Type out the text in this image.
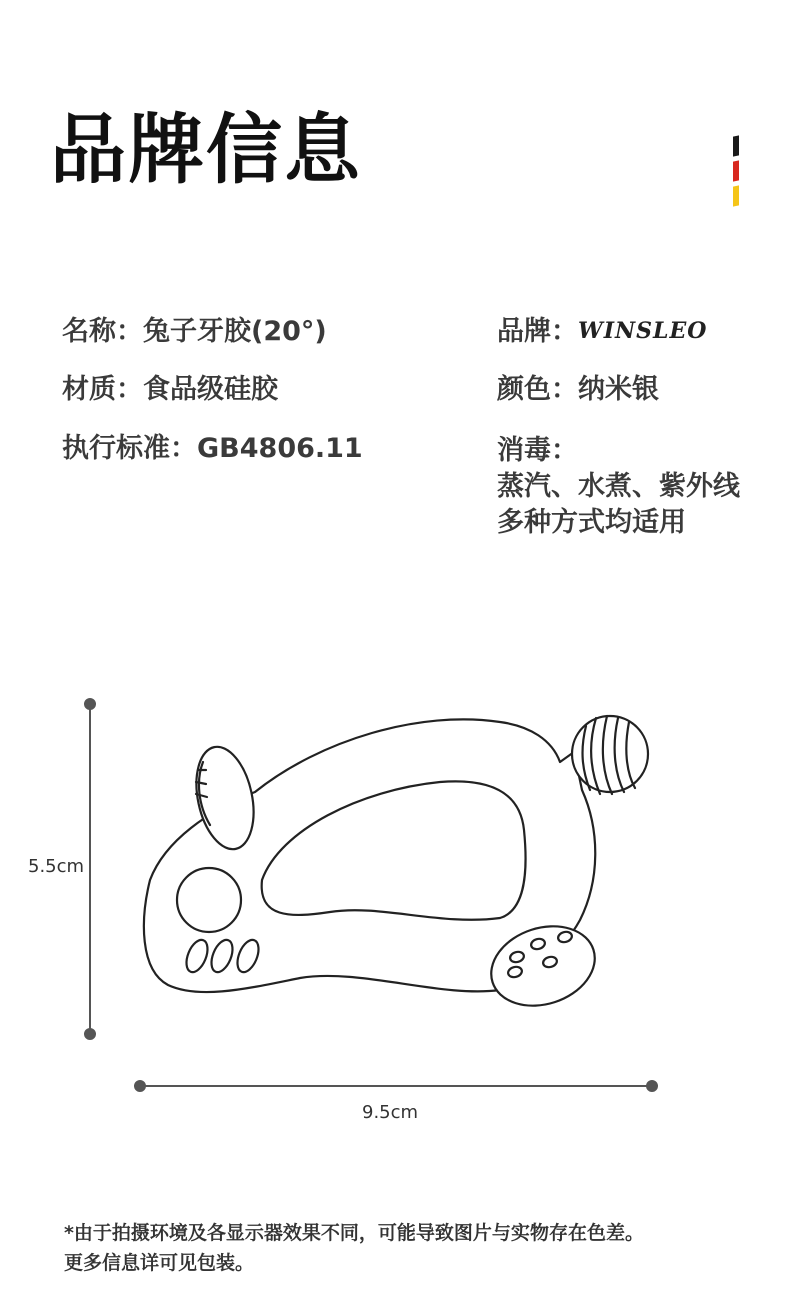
品牌信息
名称：兔子牙胶(20°)
材质：食品级硅胶
执行标准：GB4806.11
品牌：WINSLEO
颜色：纳米银
消毒：
蒸汽、水煮、紫外线
多种方式均适用
5.5cm
9.5cm
*由于拍摄环境及各显示器效果不同，可能导致图片与实物存在色差。
更多信息详可见包装。
